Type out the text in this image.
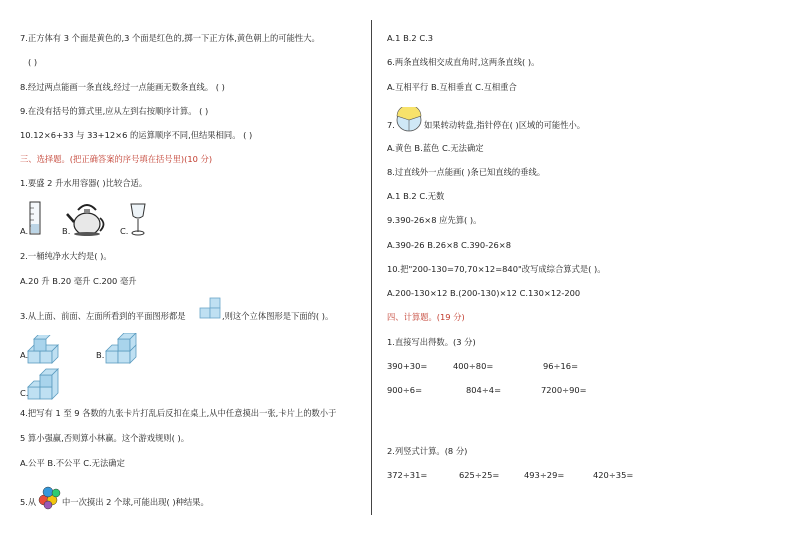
7.正方体有 3 个面是黄色的,3 个面是红色的,掷一下正方体,黄色朝上的可能性大。
( )
8.经过两点能画一条直线,经过一点能画无数条直线。 ( )
9.在没有括号的算式里,应从左到右按顺序计算。 ( )
10.12×6+33 与 33+12×6 的运算顺序不同,但结果相同。 ( )
三、选择题。(把正确答案的序号填在括号里)(10 分)
1.要盛 2 升水用容器( )比较合适。
A.	B.	C.
2.一桶纯净水大约是( )。
A.20 升 B.20 毫升 C.200 毫升
3.从上面、前面、左面所看到的平面图形都是	,则这个立体图形是下面的( )。
A.	B.
C.
4.把写有 1 至 9 各数的九张卡片打乱后反扣在桌上,从中任意摸出一张,卡片上的数小于
5 算小强赢,否则算小林赢。这个游戏规则( )。
A.公平 B.不公平 C.无法确定
5.从	中一次摸出 2 个球,可能出现( )种结果。
A.1 B.2 C.3
6.两条直线相交成直角时,这两条直线( )。
A.互相平行 B.互相垂直 C.互相重合
7.	如果转动转盘,指针停在( )区域的可能性小。
A.黄色 B.蓝色 C.无法确定
8.过直线外一点能画( )条已知直线的垂线。
A.1 B.2 C.无数
9.390-26×8 应先算( )。
A.390-26 B.26×8 C.390-26×8
10.把"200-130=70,70×12=840"改写成综合算式是( )。
A.200-130×12 B.(200-130)×12 C.130×12-200
四、计算题。(19 分)
1.直接写出得数。(3 分)
390+30=	400÷80=	96÷16=
900÷6=	804÷4=	7200÷90=
2.列竖式计算。(8 分)
372÷31=	625÷25=	493÷29=	420÷35=
